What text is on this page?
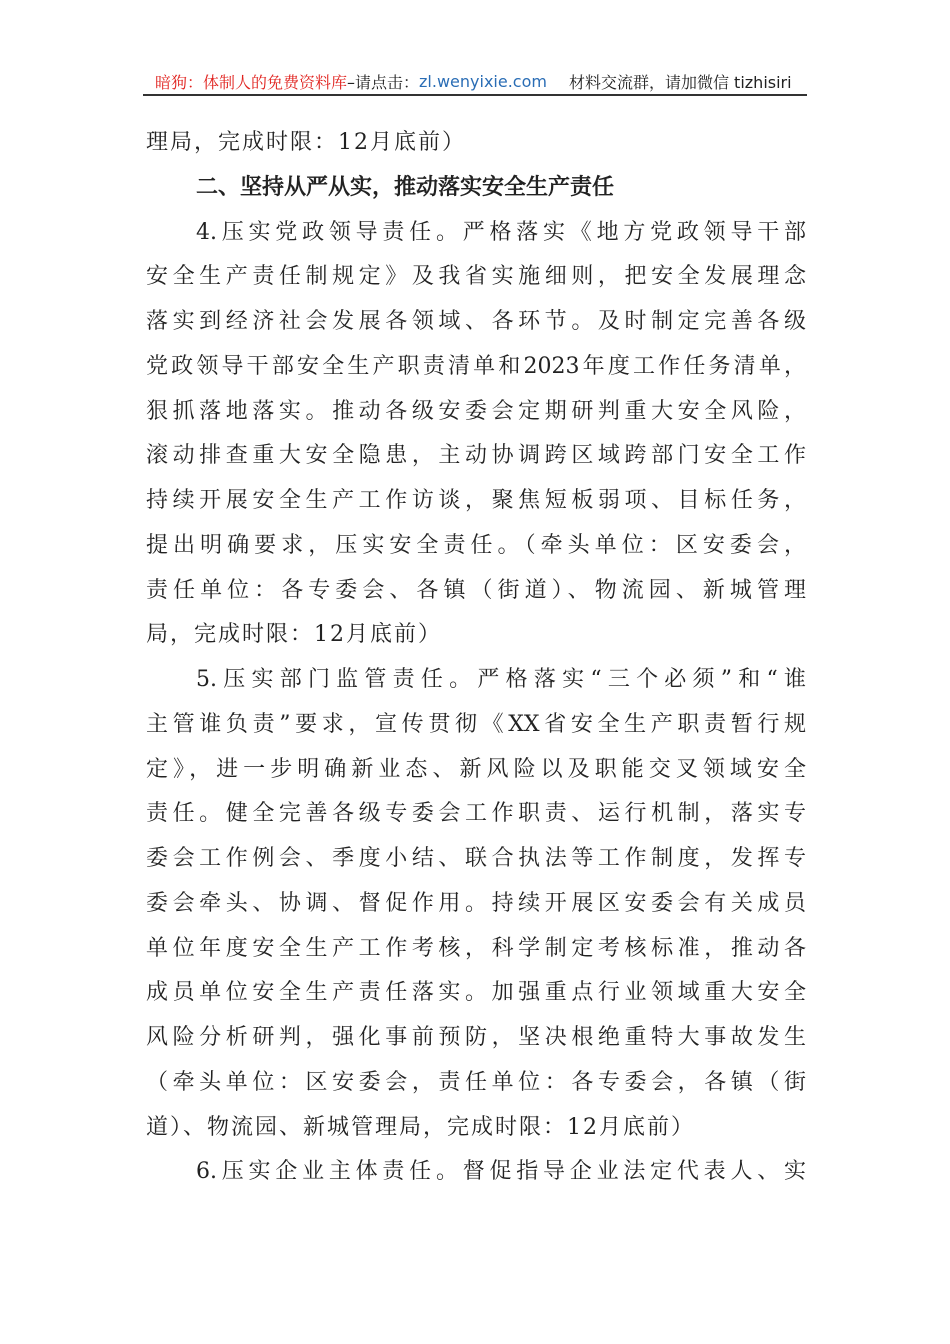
暗狗：体制人的免费资料库 –请点击： zl.wenyixie.com 材料交流群，请加微信 tizhisiri
理局，完成时限：12月底前）
二、坚持从严从实，推动落实安全生产责任
4.压实党政领导责任。严格落实《地方党政领导干部
安全生产责任制规定》及我省实施细则，把安全发展理念
落实到经济社会发展各领域、各环节。及时制定完善各级
党政领导干部安全生产职责清单和2023年度工作任务清单，
狠抓落地落实。推动各级安委会定期研判重大安全风险，
滚动排查重大安全隐患，主动协调跨区域跨部门安全工作
持续开展安全生产工作访谈，聚焦短板弱项、目标任务，
提出明确要求，压实安全责任。（牵头单位：区安委会，
责任单位：各专委会、各镇（街道）、物流园、新城管理
局，完成时限：12月底前）
5.压实部门监管责任。严格落实“三个必须”和“谁
主管谁负责”要求，宣传贯彻《XX省安全生产职责暂行规
定》，进一步明确新业态、新风险以及职能交叉领域安全
责任。健全完善各级专委会工作职责、运行机制，落实专
委会工作例会、季度小结、联合执法等工作制度，发挥专
委会牵头、协调、督促作用。持续开展区安委会有关成员
单位年度安全生产工作考核，科学制定考核标准，推动各
成员单位安全生产责任落实。加强重点行业领域重大安全
风险分析研判，强化事前预防，坚决根绝重特大事故发生
（牵头单位：区安委会，责任单位：各专委会，各镇（街
道）、物流园、新城管理局，完成时限：12月底前）
6.压实企业主体责任。督促指导企业法定代表人、实
